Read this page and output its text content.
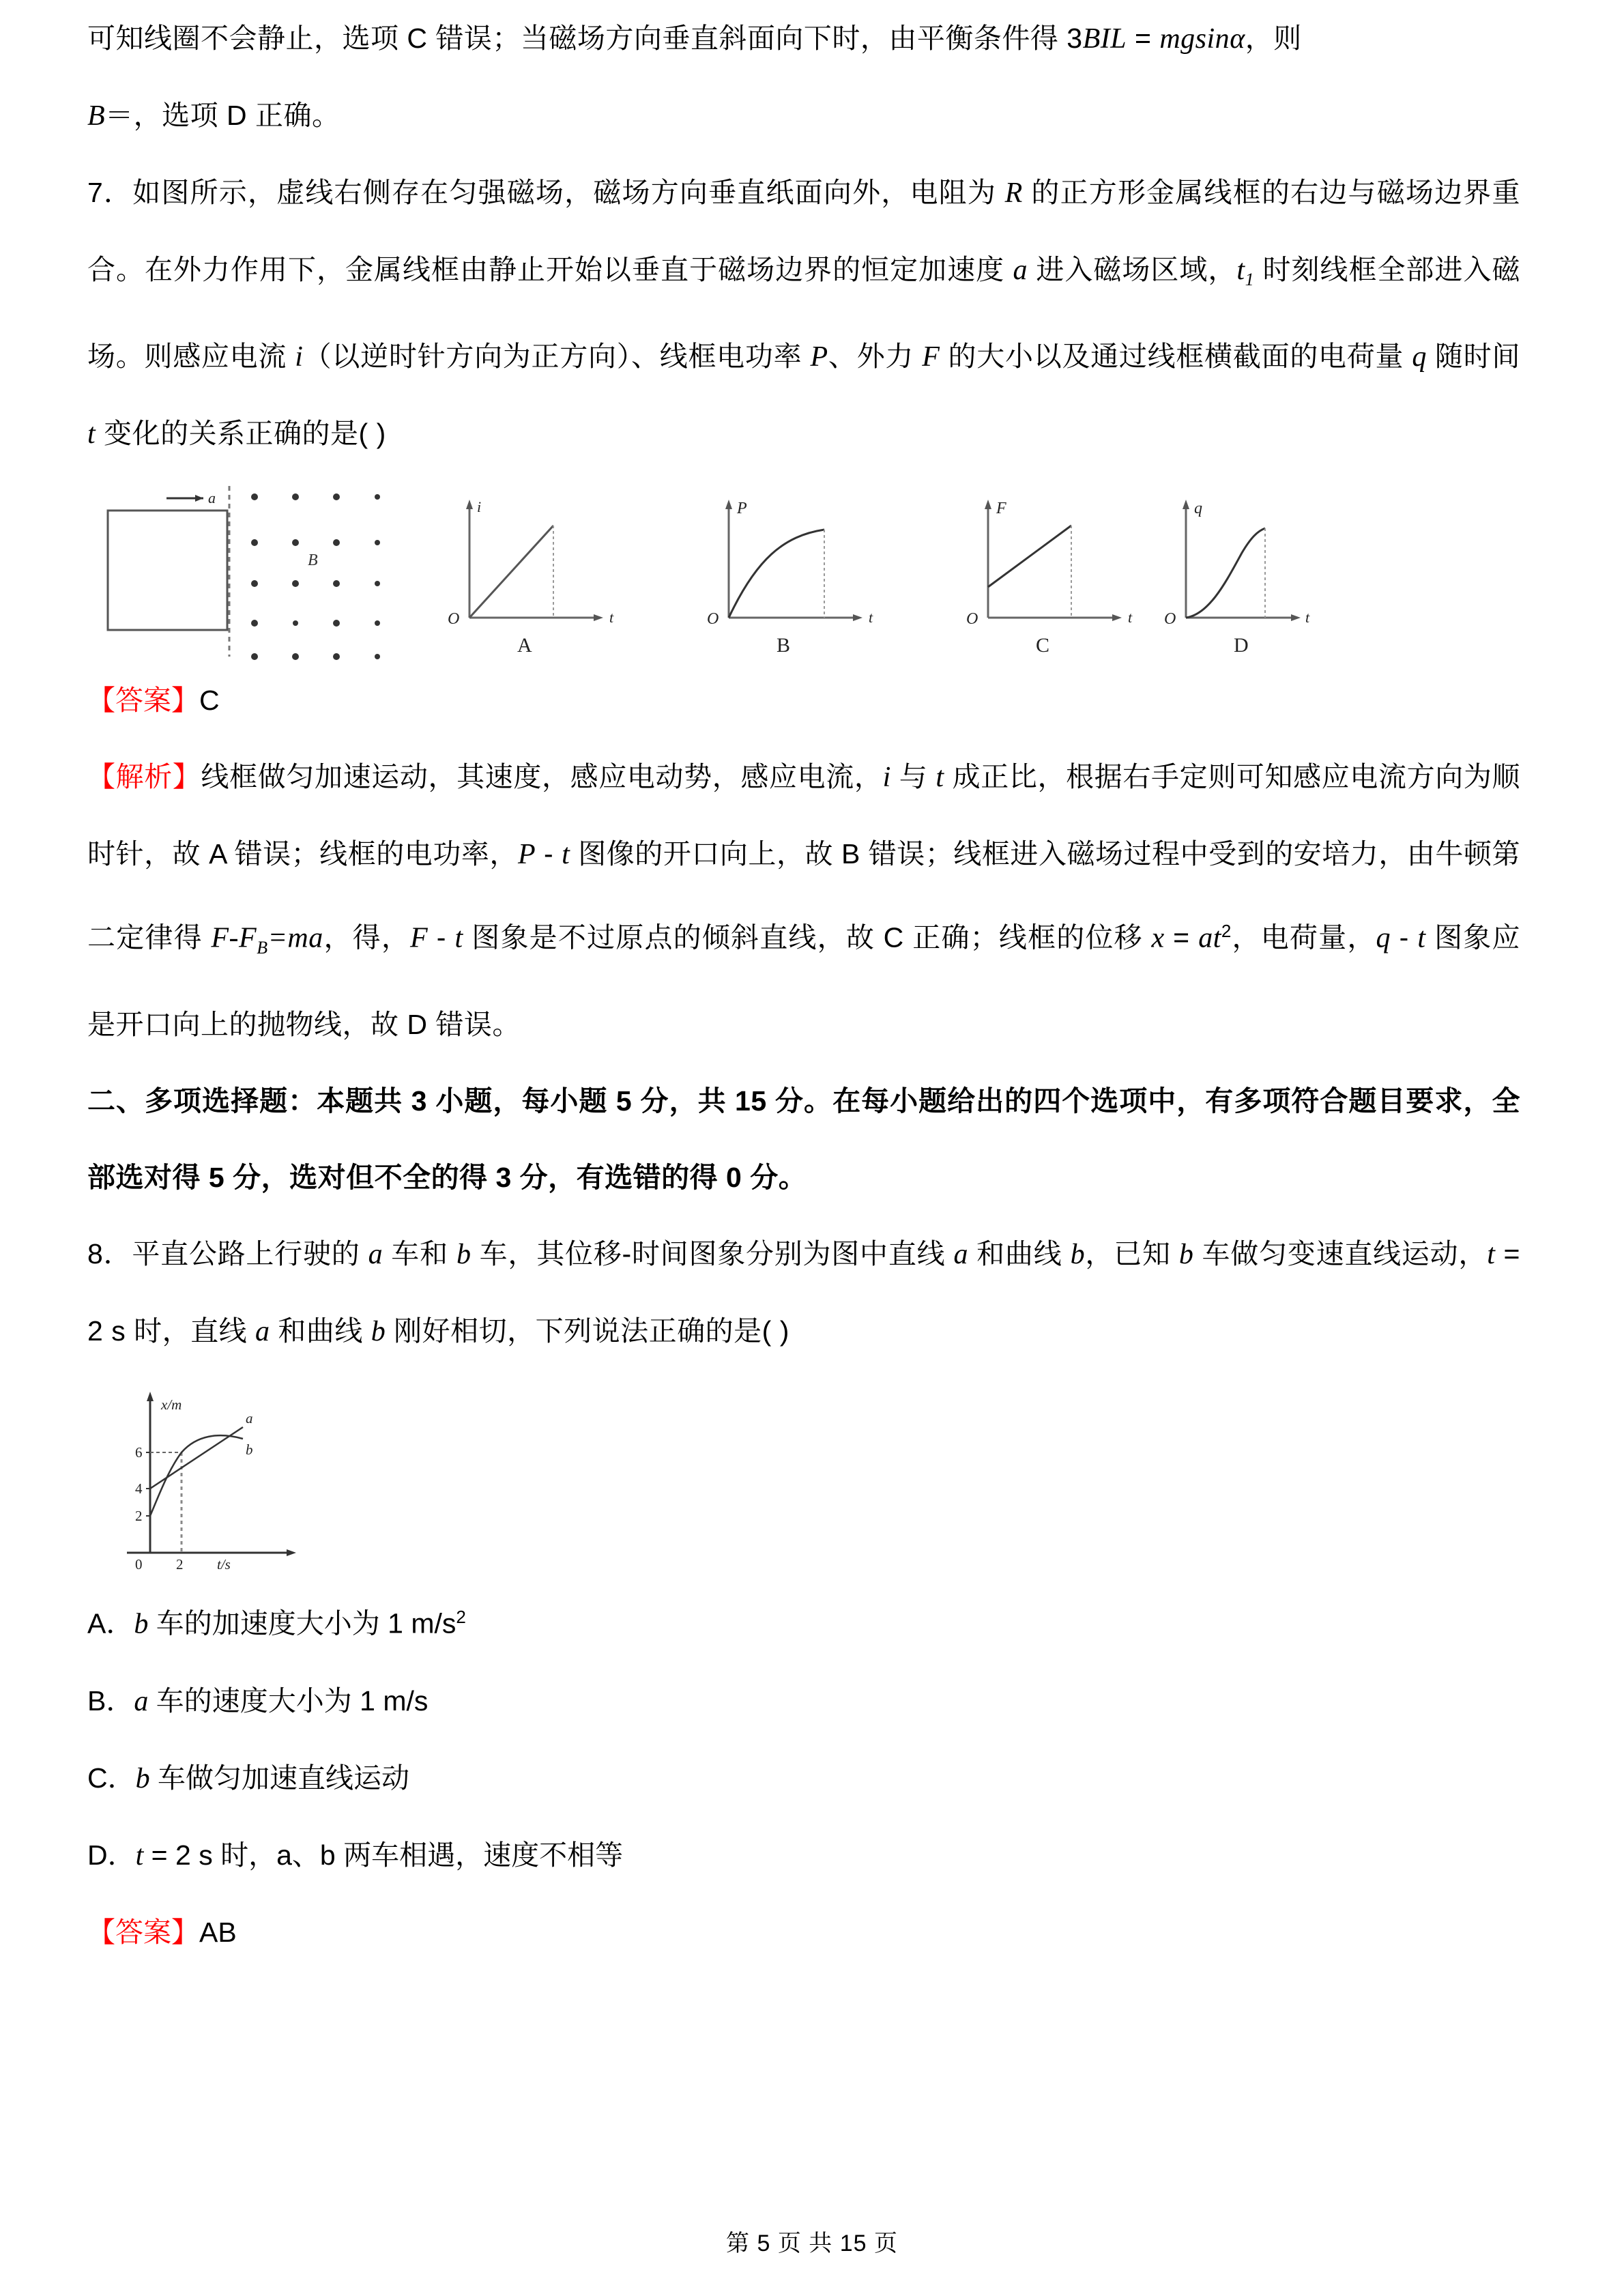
可知线圈不会静止，选项 C 错误；当磁场方向垂直斜面向下时，由平衡条件得 3BIL = mgsinα，则

B＝，选项 D 正确。

7．如图所示，虚线右侧存在匀强磁场，磁场方向垂直纸面向外，电阻为 R 的正方形金属线框的右边与磁场边界重合。在外力作用下，金属线框由静止开始以垂直于磁场边界的恒定加速度 a 进入磁场区域，$t_1$ 时刻线框全部进入磁场。则感应电流 i（以逆时针方向为正方向）、线框电功率 P、外力 F 的大小以及通过线框横截面的电荷量 q 随时间 t 变化的关系正确的是( )

a
B
i
t
O
A
P
t
O
B
F
t
O
C
q
t
O
D

【答案】C

【解析】线框做匀加速运动，其速度，感应电动势，感应电流，i 与 t 成正比，根据右手定则可知感应电流方向为顺时针，故 A 错误；线框的电功率，P - t 图像的开口向上，故 B 错误；线框进入磁场过程中受到的安培力，由牛顿第二定律得 $F-F_B=ma$，得，F - t 图象是不过原点的倾斜直线，故 C 正确；线框的位移 $x = at^2$，电荷量，q - t 图象应是开口向上的抛物线，故 D 错误。

二、多项选择题：本题共 3 小题，每小题 5 分，共 15 分。在每小题给出的四个选项中，有多项符合题目要求，全部选对得 5 分，选对但不全的得 3 分，有选错的得 0 分。

8．平直公路上行驶的 a 车和 b 车，其位移‑时间图象分别为图中直线 a 和曲线 b，已知 b 车做匀变速直线运动，t = 2 s 时，直线 a 和曲线 b 刚好相切，下列说法正确的是( )

x/m
t/s
2
4
6
0 2
a
b

A．b 车的加速度大小为 1 $m/s^2$

B．a 车的速度大小为 1 m/s

C．b 车做匀加速直线运动

D．t = 2 s 时，a、b 两车相遇，速度不相等

【答案】AB

第 5 页 共 15 页
